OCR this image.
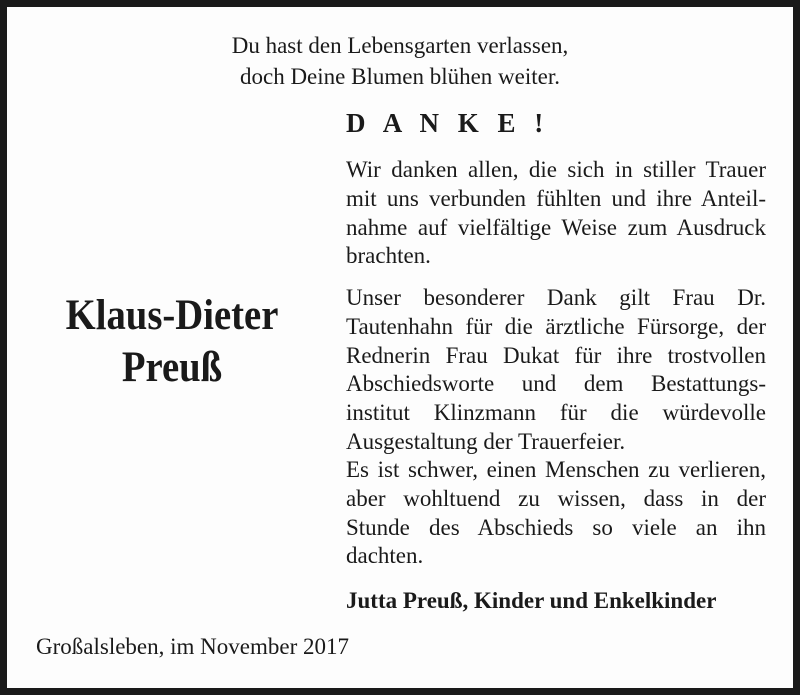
Du hast den Lebensgarten verlassen,
doch Deine Blumen blühen weiter.
Klaus-Dieter
Preuß
D A N K E !
Wir danken allen, die sich in stiller Trauer
mit uns verbunden fühlten und ihre Anteil-
nahme auf vielfältige Weise zum Ausdruck
brachten.
Unser besonderer Dank gilt Frau Dr.
Tautenhahn für die ärztliche Fürsorge, der
Rednerin Frau Dukat für ihre trostvollen
Abschiedsworte und dem Bestattungs-
institut Klinzmann für die würdevolle
Ausgestaltung der Trauerfeier.
Es ist schwer, einen Menschen zu verlieren,
aber wohltuend zu wissen, dass in der
Stunde des Abschieds so viele an ihn
dachten.
Jutta Preuß, Kinder und Enkelkinder
Großalsleben, im November 2017
